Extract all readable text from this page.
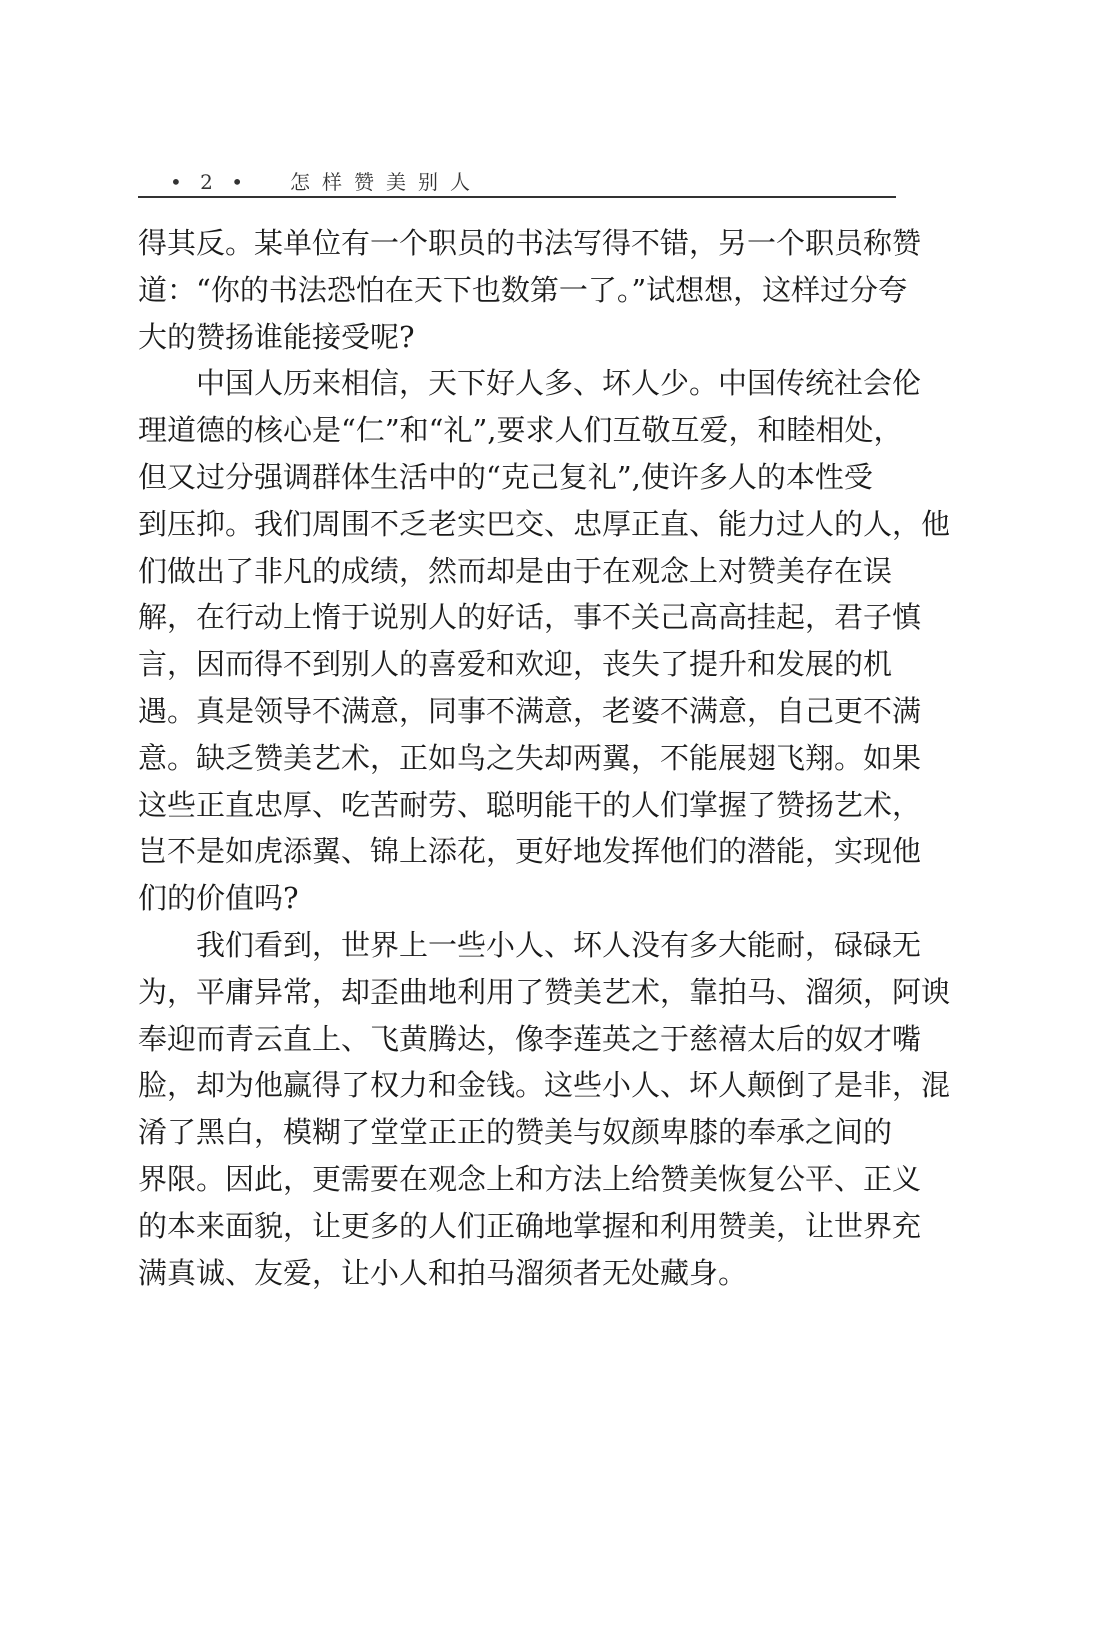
• 2 • 怎样赞美别人

得其反。某单位有一个职员的书法写得不错，另一个职员称赞
道：“你的书法恐怕在天下也数第一了。”试想想，这样过分夸
大的赞扬谁能接受呢?

中国人历来相信，天下好人多、坏人少。中国传统社会伦
理道德的核心是“仁”和“礼”,要求人们互敬互爱，和睦相处，
但又过分强调群体生活中的“克己复礼”,使许多人的本性受
到压抑。我们周围不乏老实巴交、忠厚正直、能力过人的人，他
们做出了非凡的成绩，然而却是由于在观念上对赞美存在误
解，在行动上惰于说别人的好话，事不关己高高挂起，君子慎
言，因而得不到别人的喜爱和欢迎，丧失了提升和发展的机
遇。真是领导不满意，同事不满意，老婆不满意，自己更不满
意。缺乏赞美艺术，正如鸟之失却两翼，不能展翅飞翔。如果
这些正直忠厚、吃苦耐劳、聪明能干的人们掌握了赞扬艺术，
岂不是如虎添翼、锦上添花，更好地发挥他们的潜能，实现他
们的价值吗?

我们看到，世界上一些小人、坏人没有多大能耐，碌碌无
为，平庸异常，却歪曲地利用了赞美艺术，靠拍马、溜须，阿谀
奉迎而青云直上、飞黄腾达，像李莲英之于慈禧太后的奴才嘴
脸，却为他赢得了权力和金钱。这些小人、坏人颠倒了是非，混
淆了黑白，模糊了堂堂正正的赞美与奴颜卑膝的奉承之间的
界限。因此，更需要在观念上和方法上给赞美恢复公平、正义
的本来面貌，让更多的人们正确地掌握和利用赞美，让世界充
满真诚、友爱，让小人和拍马溜须者无处藏身。
